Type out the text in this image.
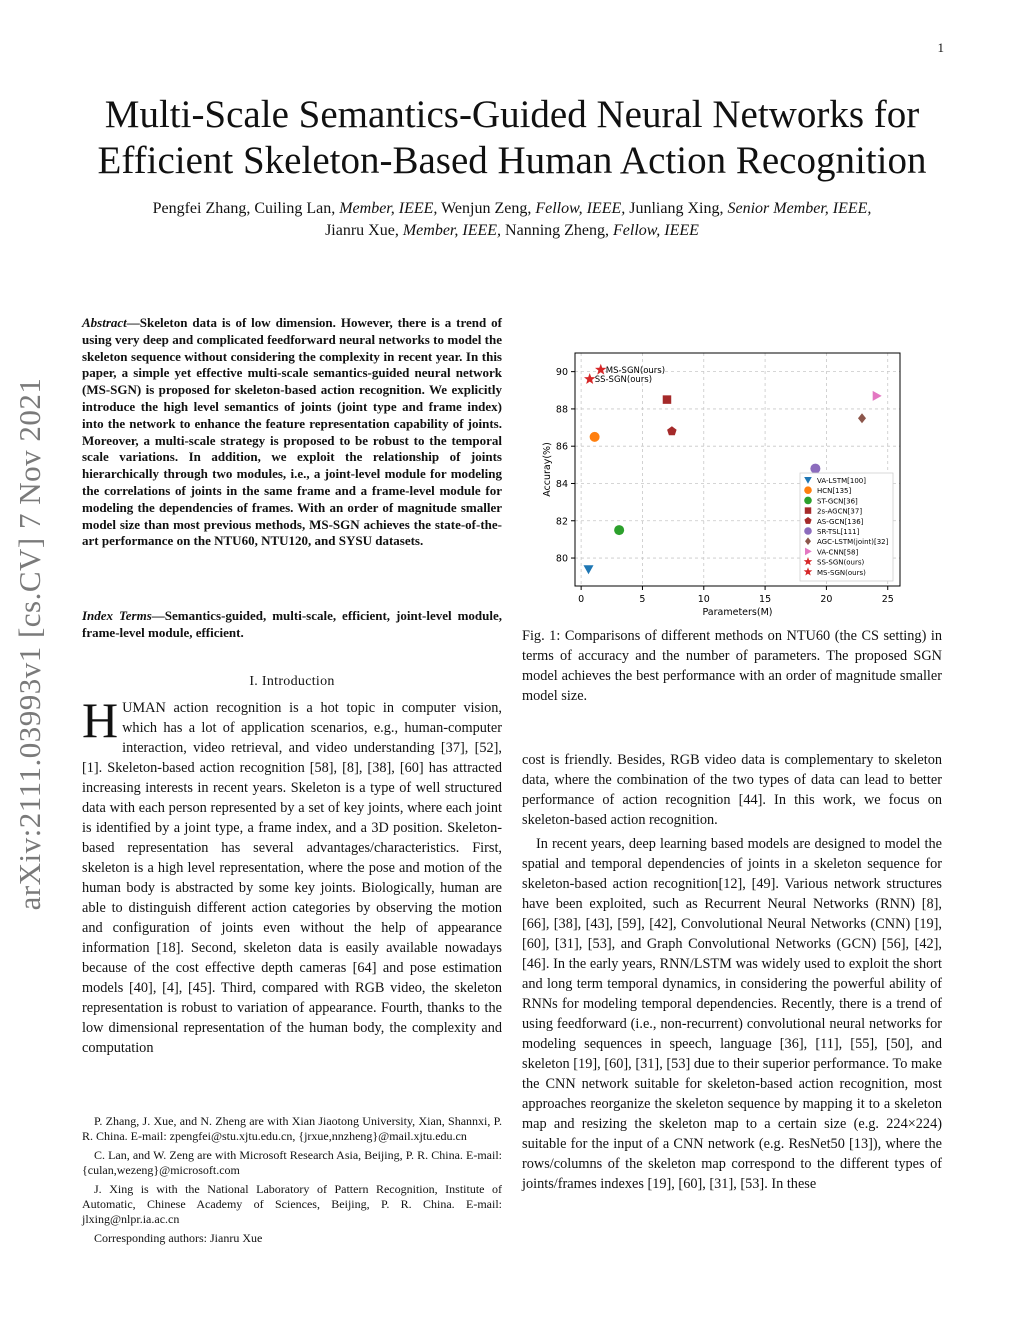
1
Multi-Scale Semantics-Guided Neural Networks for
Efficient Skeleton-Based Human Action Recognition
Pengfei Zhang, Cuiling Lan, Member, IEEE, Wenjun Zeng, Fellow, IEEE, Junliang Xing, Senior Member, IEEE,
Jianru Xue, Member, IEEE, Nanning Zheng, Fellow, IEEE
arXiv:2111.03993v1 [cs.CV] 7 Nov 2021
Abstract—Skeleton data is of low dimension. However, there is a trend of using very deep and complicated feedforward neural networks to model the skeleton sequence without considering the complexity in recent year. In this paper, a simple yet effective multi-scale semantics-guided neural network (MS-SGN) is proposed for skeleton-based action recognition. We explicitly introduce the high level semantics of joints (joint type and frame index) into the network to enhance the feature representation capability of joints. Moreover, a multi-scale strategy is proposed to be robust to the temporal scale variations. In addition, we exploit the relationship of joints hierarchically through two modules, i.e., a joint-level module for modeling the correlations of joints in the same frame and a frame-level module for modeling the dependencies of frames. With an order of magnitude smaller model size than most previous methods, MS-SGN achieves the state-of-the-art performance on the NTU60, NTU120, and SYSU datasets.
Index Terms—Semantics-guided, multi-scale, efficient, joint-level module, frame-level module, efficient.
I. Introduction
HUMAN action recognition is a hot topic in computer vision, which has a lot of application scenarios, e.g., human-computer interaction, video retrieval, and video understanding [37], [52], [1]. Skeleton-based action recognition [58], [8], [38], [60] has attracted increasing interests in recent years. Skeleton is a type of well structured data with each person represented by a set of key joints, where each joint is identified by a joint type, a frame index, and a 3D position. Skeleton-based representation has several advantages/characteristics. First, skeleton is a high level representation, where the pose and motion of the human body is abstracted by some key joints. Biologically, human are able to distinguish different action categories by observing the motion and configuration of joints even without the help of appearance information [18]. Second, skeleton data is easily available nowadays because of the cost effective depth cameras [64] and pose estimation models [40], [4], [45]. Third, compared with RGB video, the skeleton representation is robust to variation of appearance. Fourth, thanks to the low dimensional representation of the human body, the complexity and computation

P. Zhang, J. Xue, and N. Zheng are with Xian Jiaotong University, Xian, Shannxi, P. R. China. E-mail: zpengfei@stu.xjtu.edu.cn, {jrxue,nnzheng}@mail.xjtu.edu.cn

C. Lan, and W. Zeng are with Microsoft Research Asia, Beijing, P. R. China. E-mail: {culan,wezeng}@microsoft.com

J. Xing is with the National Laboratory of Pattern Recognition, Institute of Automatic, Chinese Academy of Sciences, Beijing, P. R. China. E-mail: jlxing@nlpr.ia.ac.cn

Corresponding authors: Jianru Xue

0	5	10	15	20	25
80
82
84
86
88
90
Parameters(M)
Accuray(%)
SS-SGN(ours)
MS-SGN(ours)
VA-LSTM[100]
HCN[135]
ST-GCN[36]
2s-AGCN[37]
AS-GCN[136]
SR-TSL[111]
AGC-LSTM(joint)[32]
VA-CNN[58]
SS-SGN(ours)
MS-SGN(ours)
Fig. 1: Comparisons of different methods on NTU60 (the CS setting) in terms of accuracy and the number of parameters. The proposed SGN model achieves the best performance with an order of magnitude smaller model size.

cost is friendly. Besides, RGB video data is complementary to skeleton data, where the combination of the two types of data can lead to better performance of action recognition [44]. In this work, we focus on skeleton-based action recognition.

In recent years, deep learning based models are designed to model the spatial and temporal dependencies of joints in a skeleton sequence for skeleton-based action recognition[12], [49]. Various network structures have been exploited, such as Recurrent Neural Networks (RNN) [8], [66], [38], [43], [59], [42], Convolutional Neural Networks (CNN) [19], [60], [31], [53], and Graph Convolutional Networks (GCN) [56], [42], [46]. In the early years, RNN/LSTM was widely used to exploit the short and long term temporal dynamics, in considering the powerful ability of RNNs for modeling temporal dependencies. Recently, there is a trend of using feedforward (i.e., non-recurrent) convolutional neural networks for modeling sequences in speech, language [36], [11], [55], [50], and skeleton [19], [60], [31], [53] due to their superior performance. To make the CNN network suitable for skeleton-based action recognition, most approaches reorganize the skeleton sequence by mapping it to a skeleton map and resizing the skeleton map to a certain size (e.g. 224×224) suitable for the input of a CNN network (e.g. ResNet50 [13]), where the rows/columns of the skeleton map correspond to the different types of joints/frames indexes [19], [60], [31], [53]. In these
